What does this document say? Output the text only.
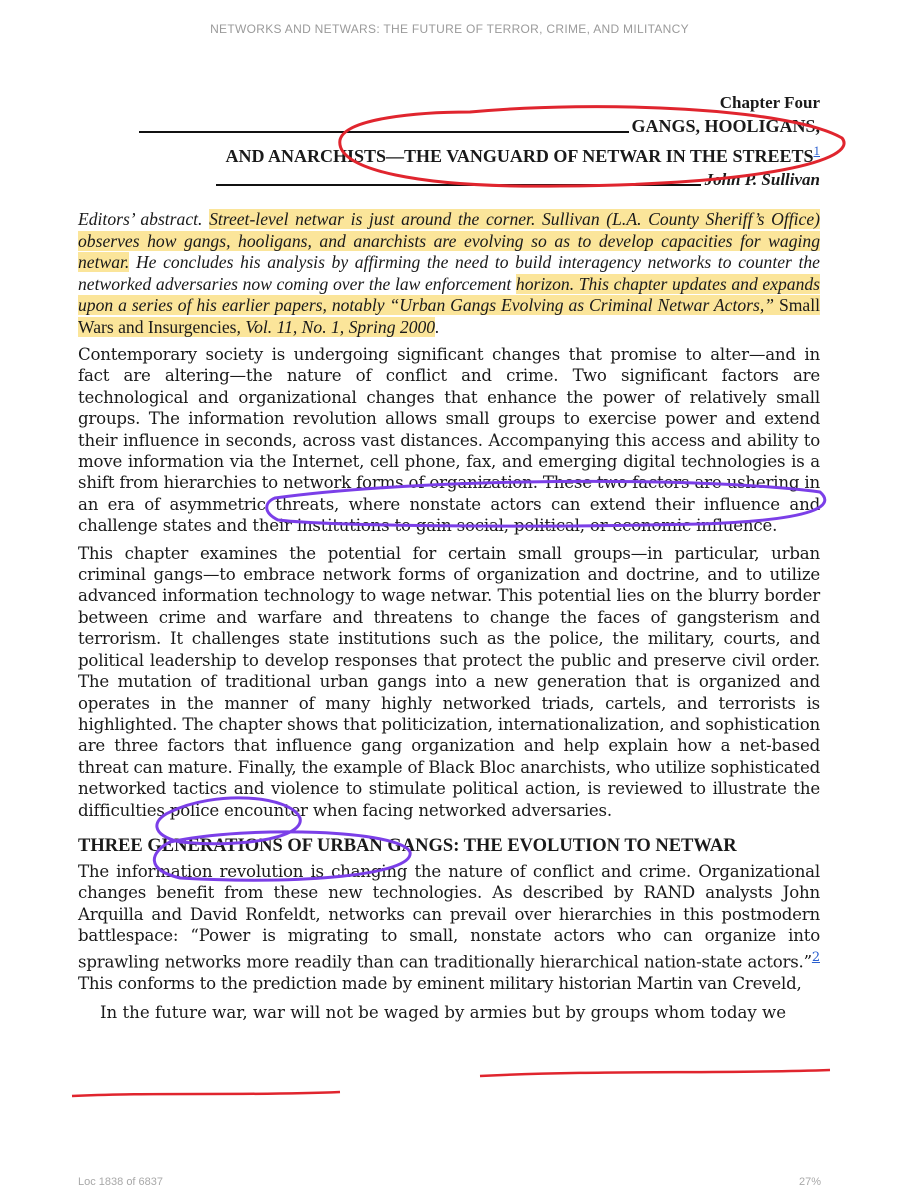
NETWORKS AND NETWARS: THE FUTURE OF TERROR, CRIME, AND MILITANCY
Chapter Four
GANGS, HOOLIGANS,
AND ANARCHISTS—THE VANGUARD OF NETWAR IN THE STREETS$^1$
John P. Sullivan

Editors’ abstract. Street-level netwar is just around the corner. Sullivan (L.A. County Sheriff’s Office) observes how gangs, hooligans, and anarchists are evolving so as to develop capacities for waging netwar. He concludes his analysis by affirming the need to build interagency networks to counter the networked adversaries now coming over the law enforcement horizon. This chapter updates and expands upon a series of his earlier papers, notably “Urban Gangs Evolving as Criminal Netwar Actors,” Small Wars and Insurgencies, Vol. 11, No. 1, Spring 2000.

Contemporary society is undergoing significant changes that promise to alter—and in fact are altering—the nature of conflict and crime. Two significant factors are technological and organizational changes that enhance the power of relatively small groups. The information revolution allows small groups to exercise power and extend their influence in seconds, across vast distances. Accompanying this access and ability to move information via the Internet, cell phone, fax, and emerging digital technologies is a shift from hierarchies to network forms of organization. These two factors are ushering in an era of asymmetric threats, where nonstate actors can extend their influence and challenge states and their institutions to gain social, political, or economic influence.

This chapter examines the potential for certain small groups—in particular, urban criminal gangs—to embrace network forms of organization and doctrine, and to utilize advanced information technology to wage netwar. This potential lies on the blurry border between crime and warfare and threatens to change the faces of gangsterism and terrorism. It challenges state institutions such as the police, the military, courts, and political leadership to develop responses that protect the public and preserve civil order. The mutation of traditional urban gangs into a new generation that is organized and operates in the manner of many highly networked triads, cartels, and terrorists is highlighted. The chapter shows that politicization, internationalization, and sophistication are three factors that influence gang organization and help explain how a net-based threat can mature. Finally, the example of Black Bloc anarchists, who utilize sophisticated networked tactics and violence to stimulate political action, is reviewed to illustrate the difficulties police encounter when facing networked adversaries.

THREE GENERATIONS OF URBAN GANGS: THE EVOLUTION TO NETWAR

The information revolution is changing the nature of conflict and crime. Organizational changes benefit from these new technologies. As described by RAND analysts John Arquilla and David Ronfeldt, networks can prevail over hierarchies in this postmodern battlespace: “Power is migrating to small, nonstate actors who can organize into sprawling networks more readily than can traditionally hierarchical nation-state actors.”$^2$ This conforms to the prediction made by eminent military historian Martin van Creveld,

In the future war, war will not be waged by armies but by groups whom today we

Loc 1838 of 6837	27%
